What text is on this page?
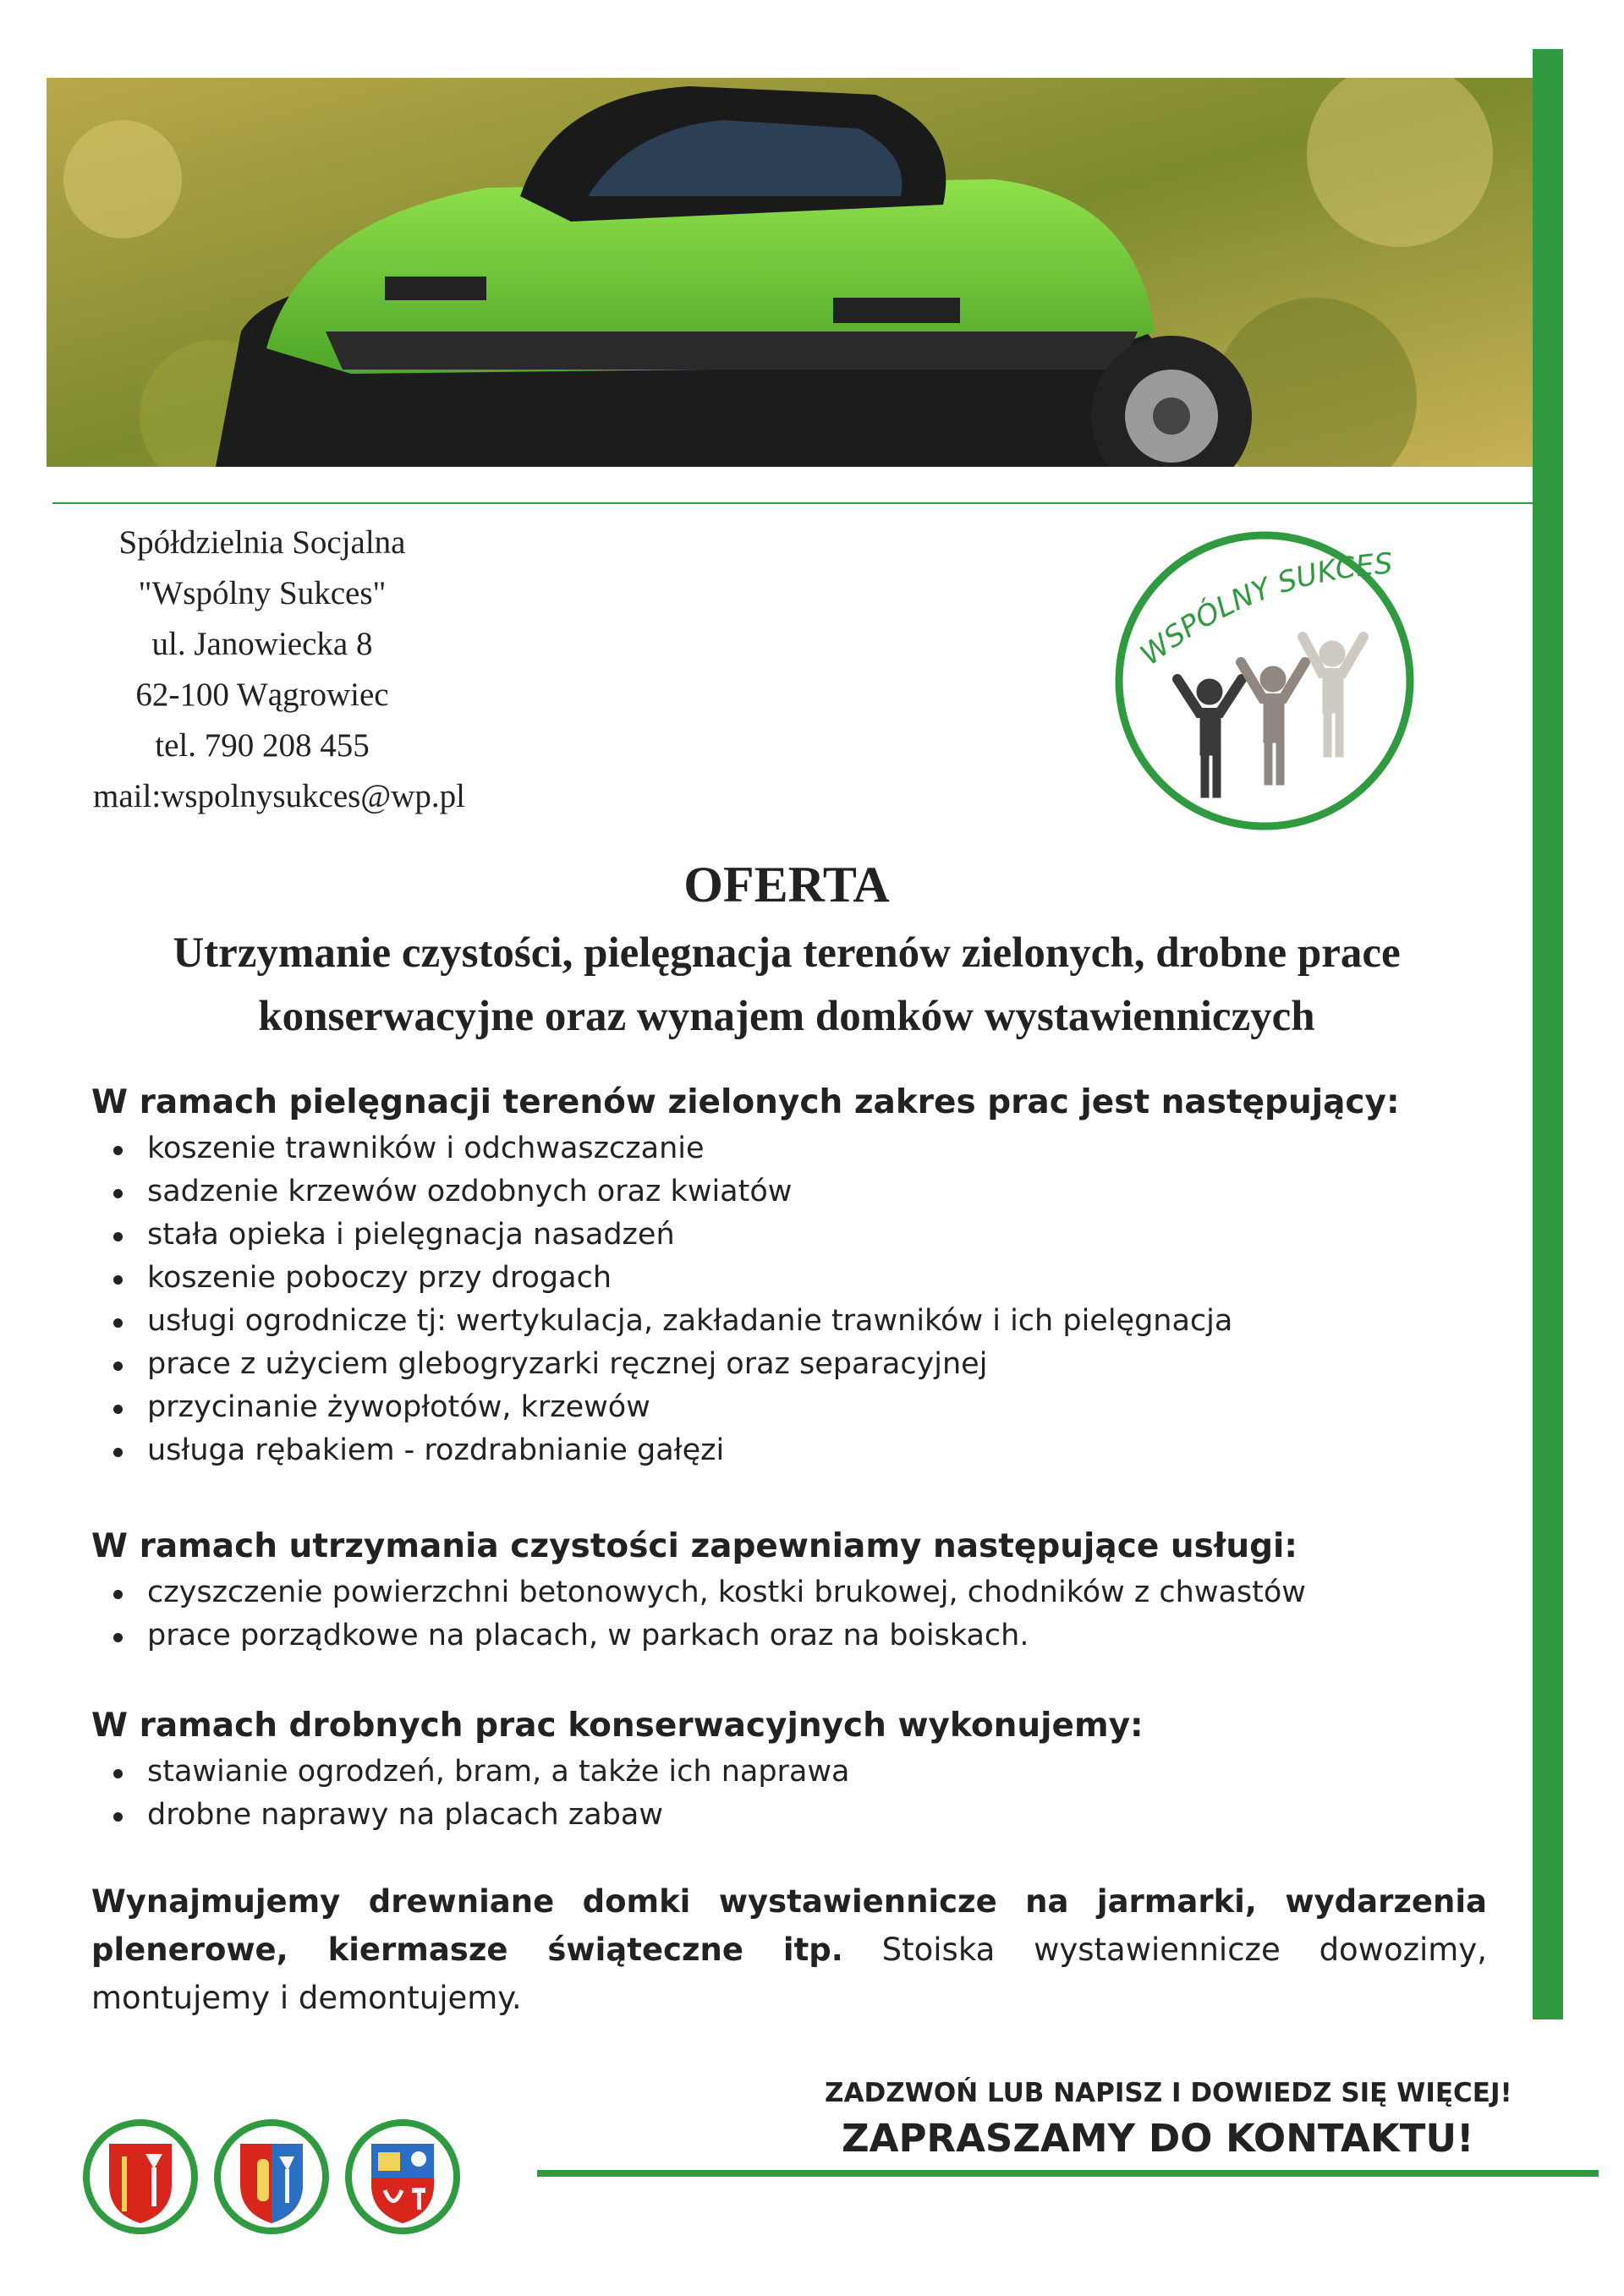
Spółdzielnia Socjalna
"Wspólny Sukces"
ul. Janowiecka 8
62-100 Wągrowiec
tel. 790 208 455
mail:wspolnysukces@wp.pl
WSPÓLNY SUKCES
OFERTA
Utrzymanie czystości, pielęgnacja terenów zielonych, drobne prace
konserwacyjne oraz wynajem domków wystawienniczych
W ramach pielęgnacji terenów zielonych zakres prac jest następujący:
koszenie trawników i odchwaszczanie
sadzenie krzewów ozdobnych oraz kwiatów
stała opieka i pielęgnacja nasadzeń
koszenie poboczy przy drogach
usługi ogrodnicze tj: wertykulacja, zakładanie trawników i ich pielęgnacja
prace z użyciem glebogryzarki ręcznej oraz separacyjnej
przycinanie żywopłotów, krzewów
usługa rębakiem - rozdrabnianie gałęzi
W ramach utrzymania czystości zapewniamy następujące usługi:
czyszczenie powierzchni betonowych, kostki brukowej, chodników z chwastów
prace porządkowe na placach, w parkach oraz na boiskach.
W ramach drobnych prac konserwacyjnych wykonujemy:
stawianie ogrodzeń, bram, a także ich naprawa
drobne naprawy na placach zabaw
Wynajmujemy drewniane domki wystawiennicze na jarmarki, wydarzenia plenerowe, kiermasze świąteczne itp. Stoiska wystawiennicze dowozimy, montujemy i demontujemy.
ZADZWOŃ LUB NAPISZ I DOWIEDZ SIĘ WIĘCEJ!
ZAPRASZAMY DO KONTAKTU!
